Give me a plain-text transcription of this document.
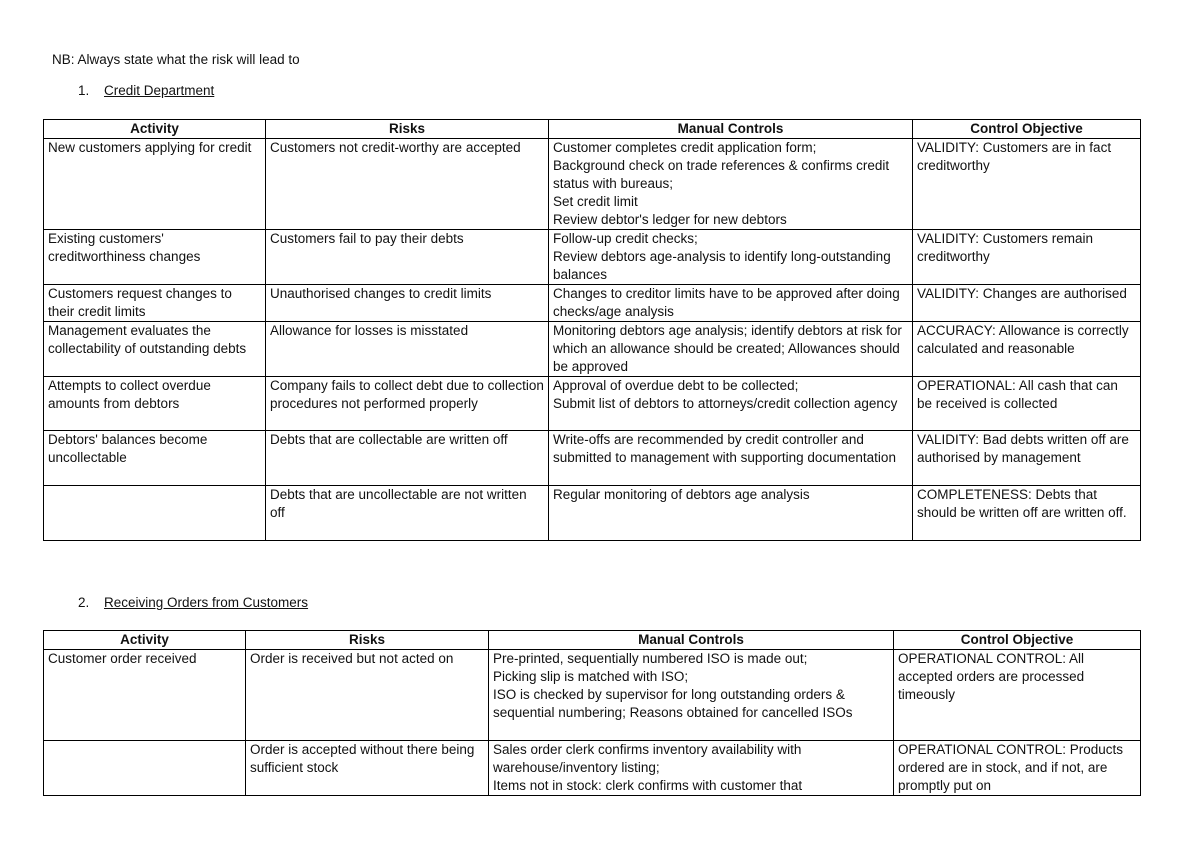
NB: Always state what the risk will lead to
1. Credit Department
Activity	Risks	Manual Controls	Control Objective
New customers applying for credit	Customers not credit-worthy are accepted	Customer completes credit application form;
Background check on trade references & confirms credit status with bureaus;
Set credit limit
Review debtor's ledger for new debtors	VALIDITY: Customers are in fact creditworthy
Existing customers' creditworthiness changes	Customers fail to pay their debts	Follow-up credit checks;
Review debtors age-analysis to identify long-outstanding balances	VALIDITY: Customers remain creditworthy
Customers request changes to their credit limits	Unauthorised changes to credit limits	Changes to creditor limits have to be approved after doing checks/age analysis	VALIDITY: Changes are authorised
Management evaluates the collectability of outstanding debts	Allowance for losses is misstated	Monitoring debtors age analysis; identify debtors at risk for which an allowance should be created; Allowances should be approved	ACCURACY: Allowance is correctly calculated and reasonable
Attempts to collect overdue amounts from debtors	Company fails to collect debt due to collection procedures not performed properly	Approval of overdue debt to be collected;
Submit list of debtors to attorneys/credit collection agency	OPERATIONAL: All cash that can be received is collected
Debtors' balances become uncollectable	Debts that are collectable are written off	Write-offs are recommended by credit controller and submitted to management with supporting documentation	VALIDITY: Bad debts written off are authorised by management
	Debts that are uncollectable are not written off	Regular monitoring of debtors age analysis	COMPLETENESS: Debts that should be written off are written off.
2. Receiving Orders from Customers
Activity	Risks	Manual Controls	Control Objective
Customer order received	Order is received but not acted on	Pre-printed, sequentially numbered ISO is made out;
Picking slip is matched with ISO;
ISO is checked by supervisor for long outstanding orders & sequential numbering; Reasons obtained for cancelled ISOs	OPERATIONAL CONTROL: All accepted orders are processed timeously
	Order is accepted without there being sufficient stock	Sales order clerk confirms inventory availability with warehouse/inventory listing;
Items not in stock: clerk confirms with customer that	OPERATIONAL CONTROL: Products ordered are in stock, and if not, are promptly put on
